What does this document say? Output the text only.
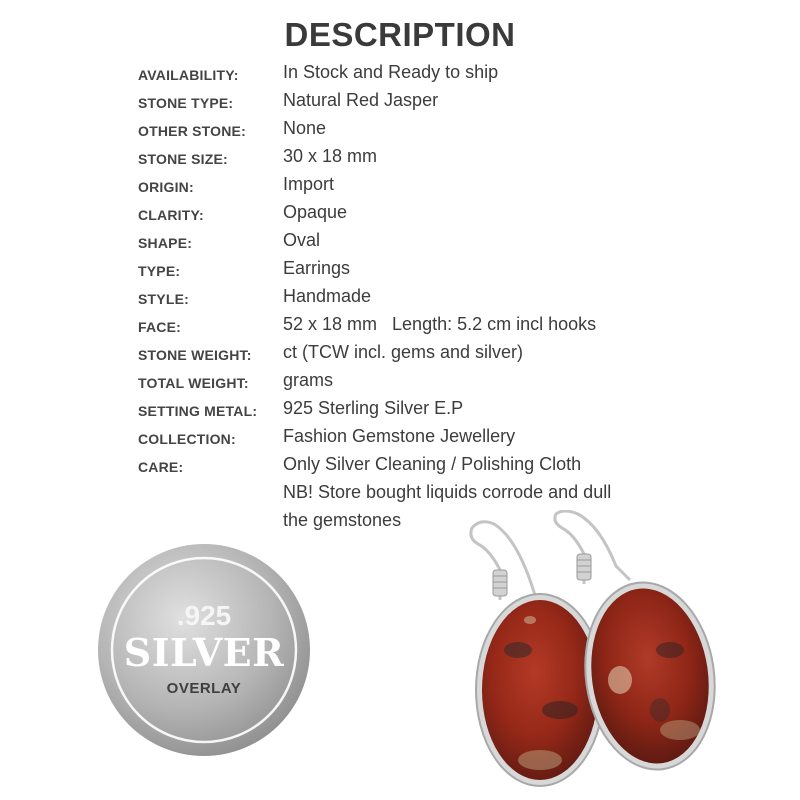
DESCRIPTION
AVAILABILITY: In Stock and Ready to ship
STONE TYPE:	Natural Red Jasper
OTHER STONE: None
STONE SIZE:	30 x 18 mm
ORIGIN:	Import
CLARITY:	Opaque
SHAPE:	Oval
TYPE:	Earrings
STYLE:	Handmade
FACE:	52 x 18 mm   Length: 5.2 cm incl hooks
STONE WEIGHT: ct (TCW incl. gems and silver)
TOTAL WEIGHT: grams
SETTING METAL: 925 Sterling Silver E.P
COLLECTION:	Fashion Gemstone Jewellery
CARE:	Only Silver Cleaning / Polishing Cloth
NB! Store bought liquids corrode and dull
the gemstones
.925
SILVER
OVERLAY
